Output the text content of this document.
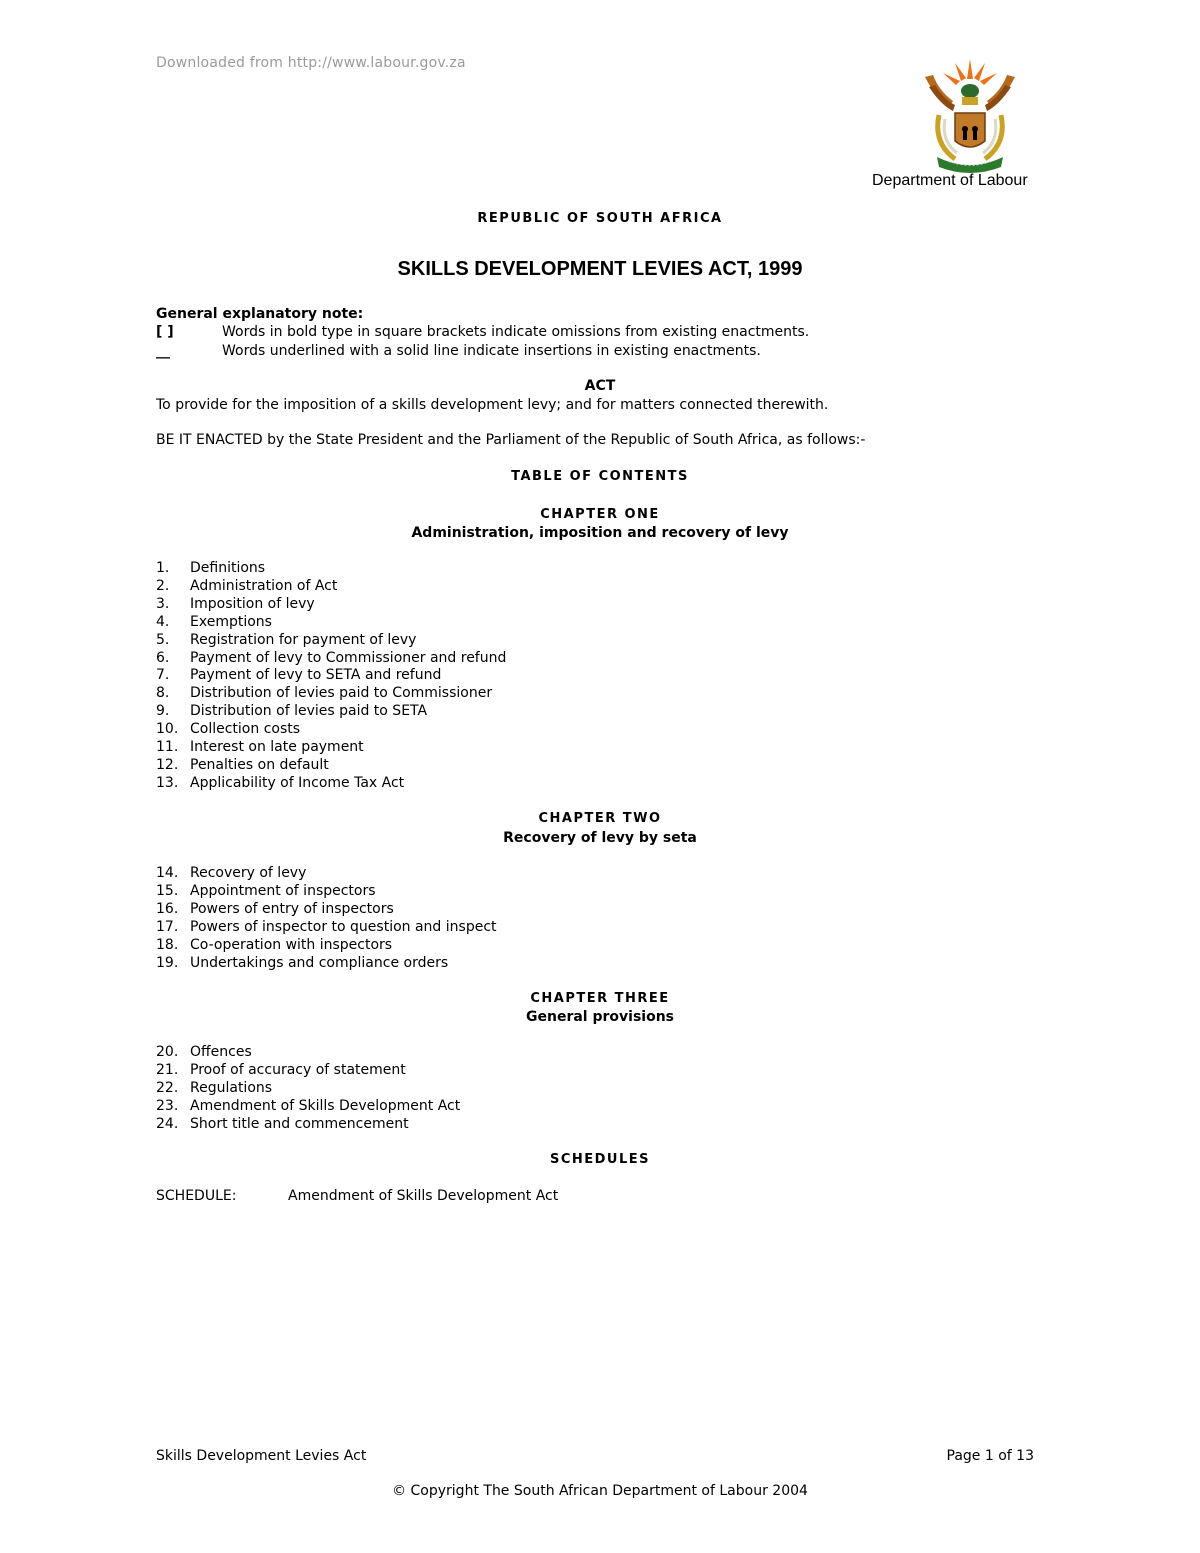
Downloaded from http://www.labour.gov.za
Department of Labour
REPUBLIC OF SOUTH AFRICA
SKILLS DEVELOPMENT LEVIES ACT, 1999
General explanatory note:
[ ]	Words in bold type in square brackets indicate omissions from existing enactments.
__	Words underlined with a solid line indicate insertions in existing enactments.
ACT
To provide for the imposition of a skills development levy; and for matters connected therewith.
BE IT ENACTED by the State President and the Parliament of the Republic of South Africa, as follows:-
TABLE OF CONTENTS
CHAPTER ONE
Administration, imposition and recovery of levy
1.	Definitions
2.	Administration of Act
3.	Imposition of levy
4.	Exemptions
5.	Registration for payment of levy
6.	Payment of levy to Commissioner and refund
7.	Payment of levy to SETA and refund
8.	Distribution of levies paid to Commissioner
9.	Distribution of levies paid to SETA
10. Collection costs
11. Interest on late payment
12. Penalties on default
13. Applicability of Income Tax Act
CHAPTER TWO
Recovery of levy by seta
14. Recovery of levy
15. Appointment of inspectors
16. Powers of entry of inspectors
17. Powers of inspector to question and inspect
18. Co-operation with inspectors
19. Undertakings and compliance orders
CHAPTER THREE
General provisions
20. Offences
21. Proof of accuracy of statement
22. Regulations
23. Amendment of Skills Development Act
24. Short title and commencement
SCHEDULES
SCHEDULE:	Amendment of Skills Development Act
Skills Development Levies Act	Page 1 of 13
© Copyright The South African Department of Labour 2004
